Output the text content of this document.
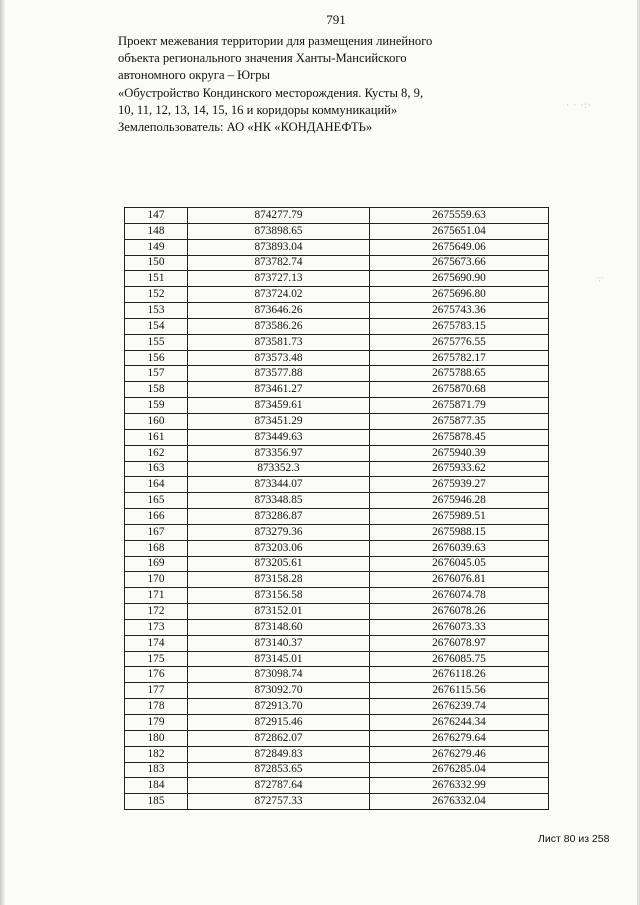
791
Проект межевания территории для размещения линейного
объекта регионального значения Ханты-Мансийского
автономного округа – Югры
«Обустройство Кондинского месторождения. Кусты 8, 9,
10, 11, 12, 13, 14, 15, 16 и коридоры коммуникаций»
Землепользователь: АО «НК «КОНДАНЕФТЬ»
· · ·:·
·;·
147	874277.79	2675559.63
148	873898.65	2675651.04
149	873893.04	2675649.06
150	873782.74	2675673.66
151	873727.13	2675690.90
152	873724.02	2675696.80
153	873646.26	2675743.36
154	873586.26	2675783.15
155	873581.73	2675776.55
156	873573.48	2675782.17
157	873577.88	2675788.65
158	873461.27	2675870.68
159	873459.61	2675871.79
160	873451.29	2675877.35
161	873449.63	2675878.45
162	873356.97	2675940.39
163	873352.3	2675933.62
164	873344.07	2675939.27
165	873348.85	2675946.28
166	873286.87	2675989.51
167	873279.36	2675988.15
168	873203.06	2676039.63
169	873205.61	2676045.05
170	873158.28	2676076.81
171	873156.58	2676074.78
172	873152.01	2676078.26
173	873148.60	2676073.33
174	873140.37	2676078.97
175	873145.01	2676085.75
176	873098.74	2676118.26
177	873092.70	2676115.56
178	872913.70	2676239.74
179	872915.46	2676244.34
180	872862.07	2676279.64
182	872849.83	2676279.46
183	872853.65	2676285.04
184	872787.64	2676332.99
185	872757.33	2676332.04
Лист 80 из 258
